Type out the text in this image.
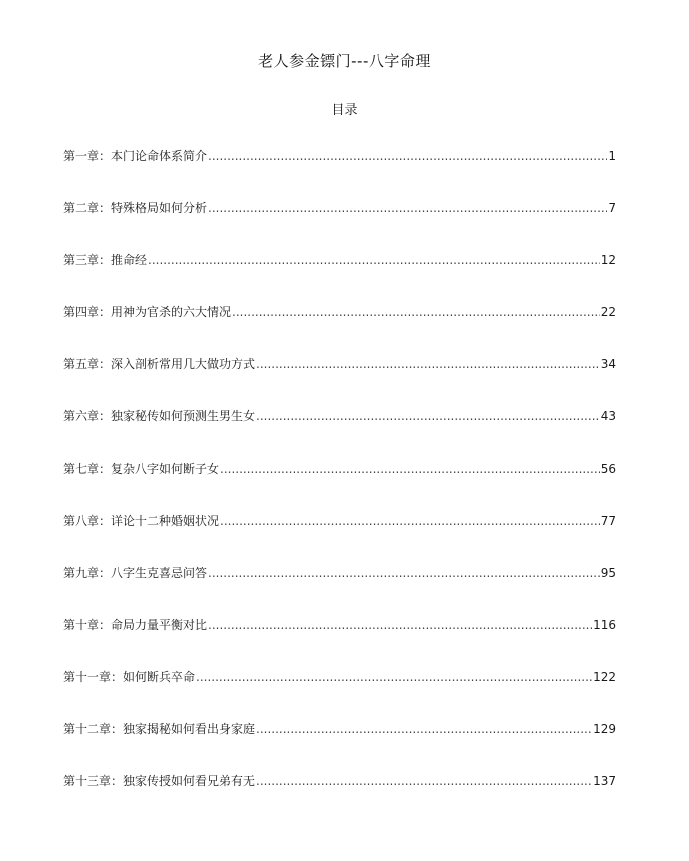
老人参金镖门---八字命理
目录
第一章：本门论命体系简介 .....	1
第二章：特殊格局如何分析 .....	7
第三章：推命经 .....	12
第四章：用神为官杀的六大情况 .....	22
第五章：深入剖析常用几大做功方式 .....	34
第六章：独家秘传如何预测生男生女 .....	43
第七章：复杂八字如何断子女 .....	56
第八章：详论十二种婚姻状况 .....	77
第九章：八字生克喜忌问答 .....	95
第十章：命局力量平衡对比 .....	116
第十一章：如何断兵卒命 .....	122
第十二章：独家揭秘如何看出身家庭 .....	129
第十三章：独家传授如何看兄弟有无 .....	137
